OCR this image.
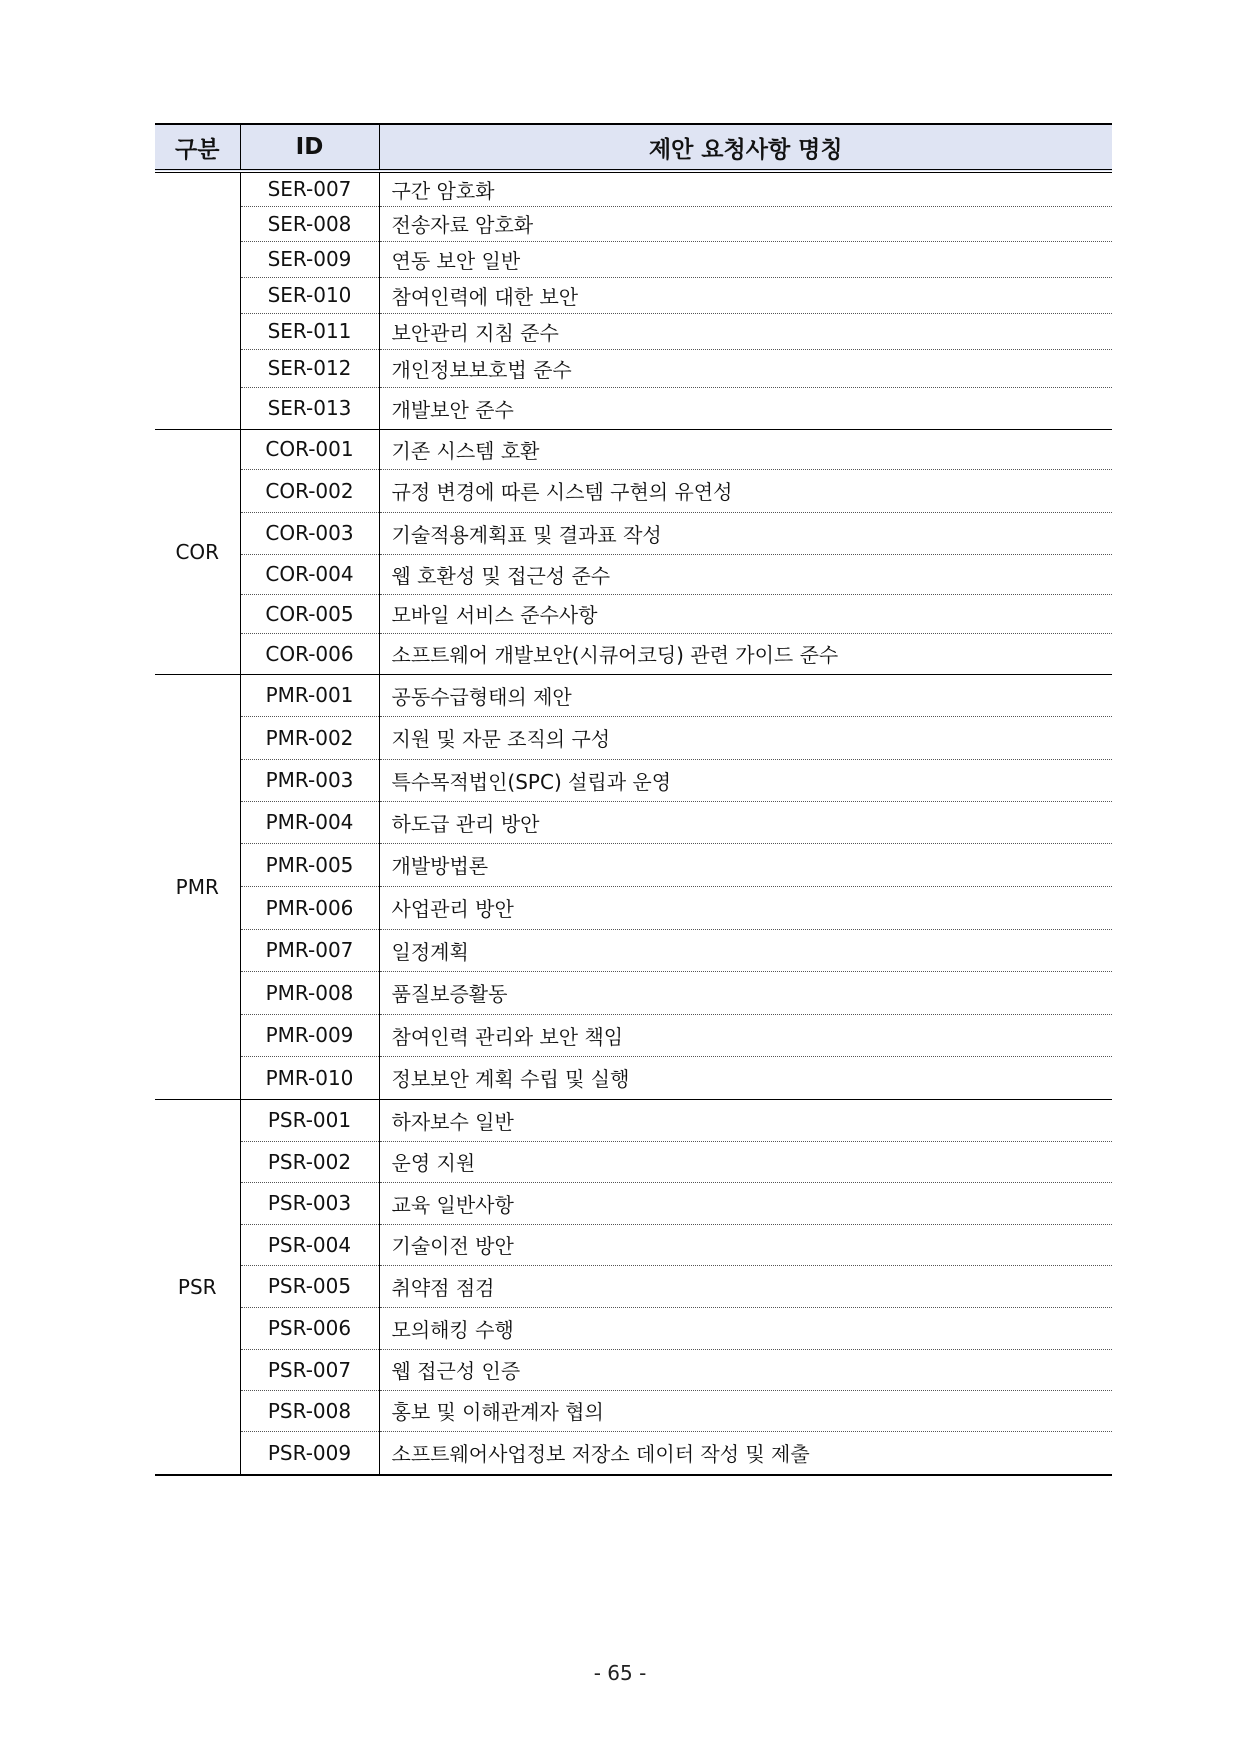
구분	ID	제안 요청사항 명칭
	SER-007	구간 암호화
	SER-008	전송자료 암호화
	SER-009	연동 보안 일반
	SER-010	참여인력에 대한 보안
	SER-011	보안관리 지침 준수
	SER-012	개인정보보호법 준수
	SER-013	개발보안 준수
COR	COR-001	기존 시스템 호환
	COR-002	규정 변경에 따른 시스템 구현의 유연성
	COR-003	기술적용계획표 및 결과표 작성
	COR-004	웹 호환성 및 접근성 준수
	COR-005	모바일 서비스 준수사항
	COR-006	소프트웨어 개발보안(시큐어코딩) 관련 가이드 준수
PMR	PMR-001	공동수급형태의 제안
	PMR-002	지원 및 자문 조직의 구성
	PMR-003	특수목적법인(SPC) 설립과 운영
	PMR-004	하도급 관리 방안
	PMR-005	개발방법론
	PMR-006	사업관리 방안
	PMR-007	일정계획
	PMR-008	품질보증활동
	PMR-009	참여인력 관리와 보안 책임
	PMR-010	정보보안 계획 수립 및 실행
PSR	PSR-001	하자보수 일반
	PSR-002	운영 지원
	PSR-003	교육 일반사항
	PSR-004	기술이전 방안
	PSR-005	취약점 점검
	PSR-006	모의해킹 수행
	PSR-007	웹 접근성 인증
	PSR-008	홍보 및 이해관계자 협의
	PSR-009	소프트웨어사업정보 저장소 데이터 작성 및 제출
- 65 -
